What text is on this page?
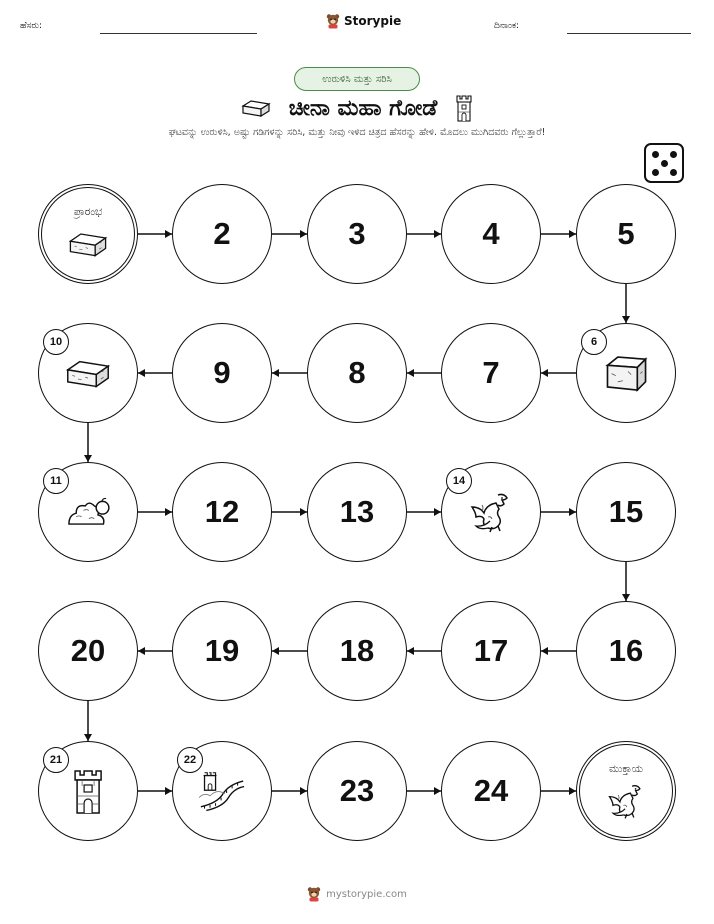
ಹೆಸರು:	Storypie	ದಿನಾಂಕ:
ಉರುಳಿಸಿ ಮತ್ತು ಸರಿಸಿ
ಚೀನಾ ಮಹಾ ಗೋಡೆ
ಘಟವನ್ನು ಉರುಳಿಸಿ, ಅಷ್ಟು ಗಡಿಗಳನ್ನು ಸರಿಸಿ, ಮತ್ತು ನೀವು ಇಳಿದ ಚಿತ್ರದ ಹೆಸರನ್ನು ಹೇಳಿ. ಮೊದಲು ಮುಗಿದವರು ಗೆಲ್ಲುತ್ತಾರೆ!
ಪ್ರಾರಂಭ
2	3	4	5
6
7
8
9
10
11
12	13
14
15
16
17
18
19
20
21	22
23	24
ಮುಕ್ತಾಯ
mystorypie.com
